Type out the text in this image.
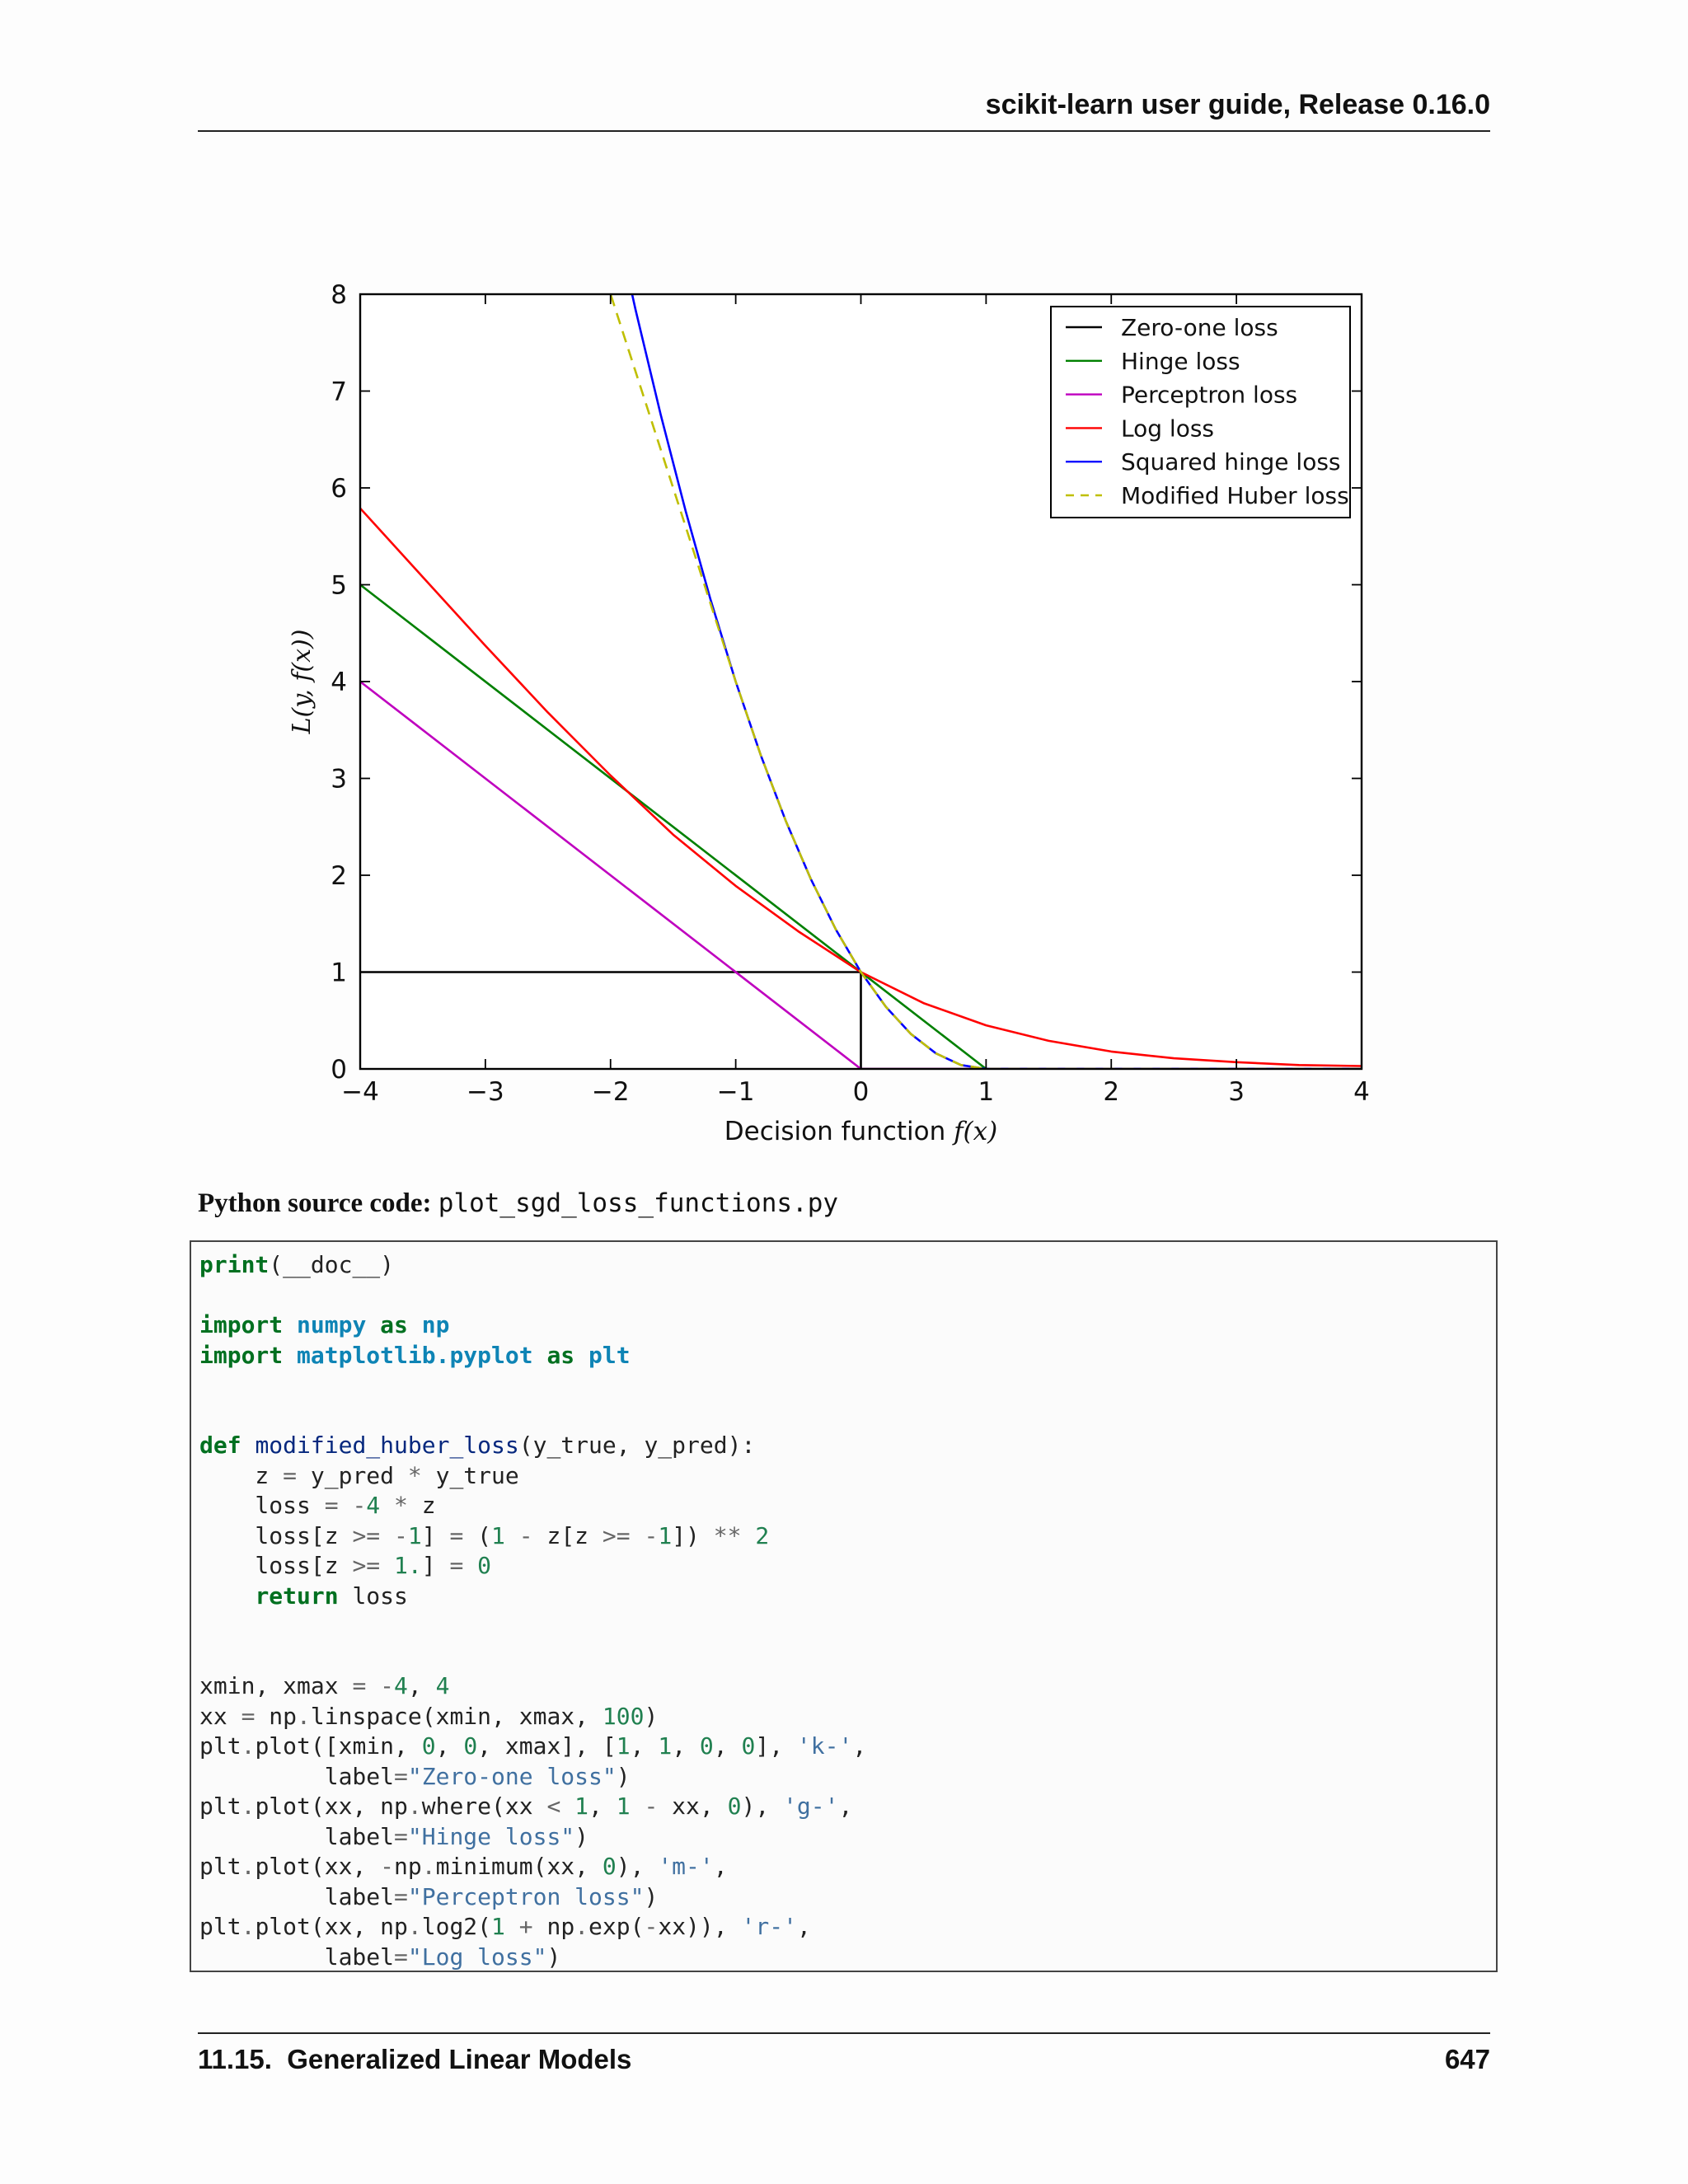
scikit-learn user guide, Release 0.16.0
−4	−3	−2	−1	0	1	2	3	4
0
1
2
3
4
5
6
7
8
Decision function f(x)
L(y, f(x))
Zero-one loss
Hinge loss
Perceptron loss
Log loss
Squared hinge loss
Modified Huber loss
Python source code: plot_sgd_loss_functions.py
print(__doc__)

import numpy as np
import matplotlib.pyplot as plt

def modified_huber_loss(y_true, y_pred):
z = y_pred * y_true
loss = -4 * z
loss[z >= -1] = (1 - z[z >= -1]) ** 2
loss[z >= 1.] = 0
return loss

xmin, xmax = -4, 4
xx = np.linspace(xmin, xmax, 100)
plt.plot([xmin, 0, 0, xmax], [1, 1, 0, 0], 'k-',
label="Zero-one loss")
plt.plot(xx, np.where(xx < 1, 1 - xx, 0), 'g-',
label="Hinge loss")
plt.plot(xx, -np.minimum(xx, 0), 'm-',
label="Perceptron loss")
plt.plot(xx, np.log2(1 + np.exp(-xx)), 'r-',
label="Log loss")
11.15.  Generalized Linear Models	647
